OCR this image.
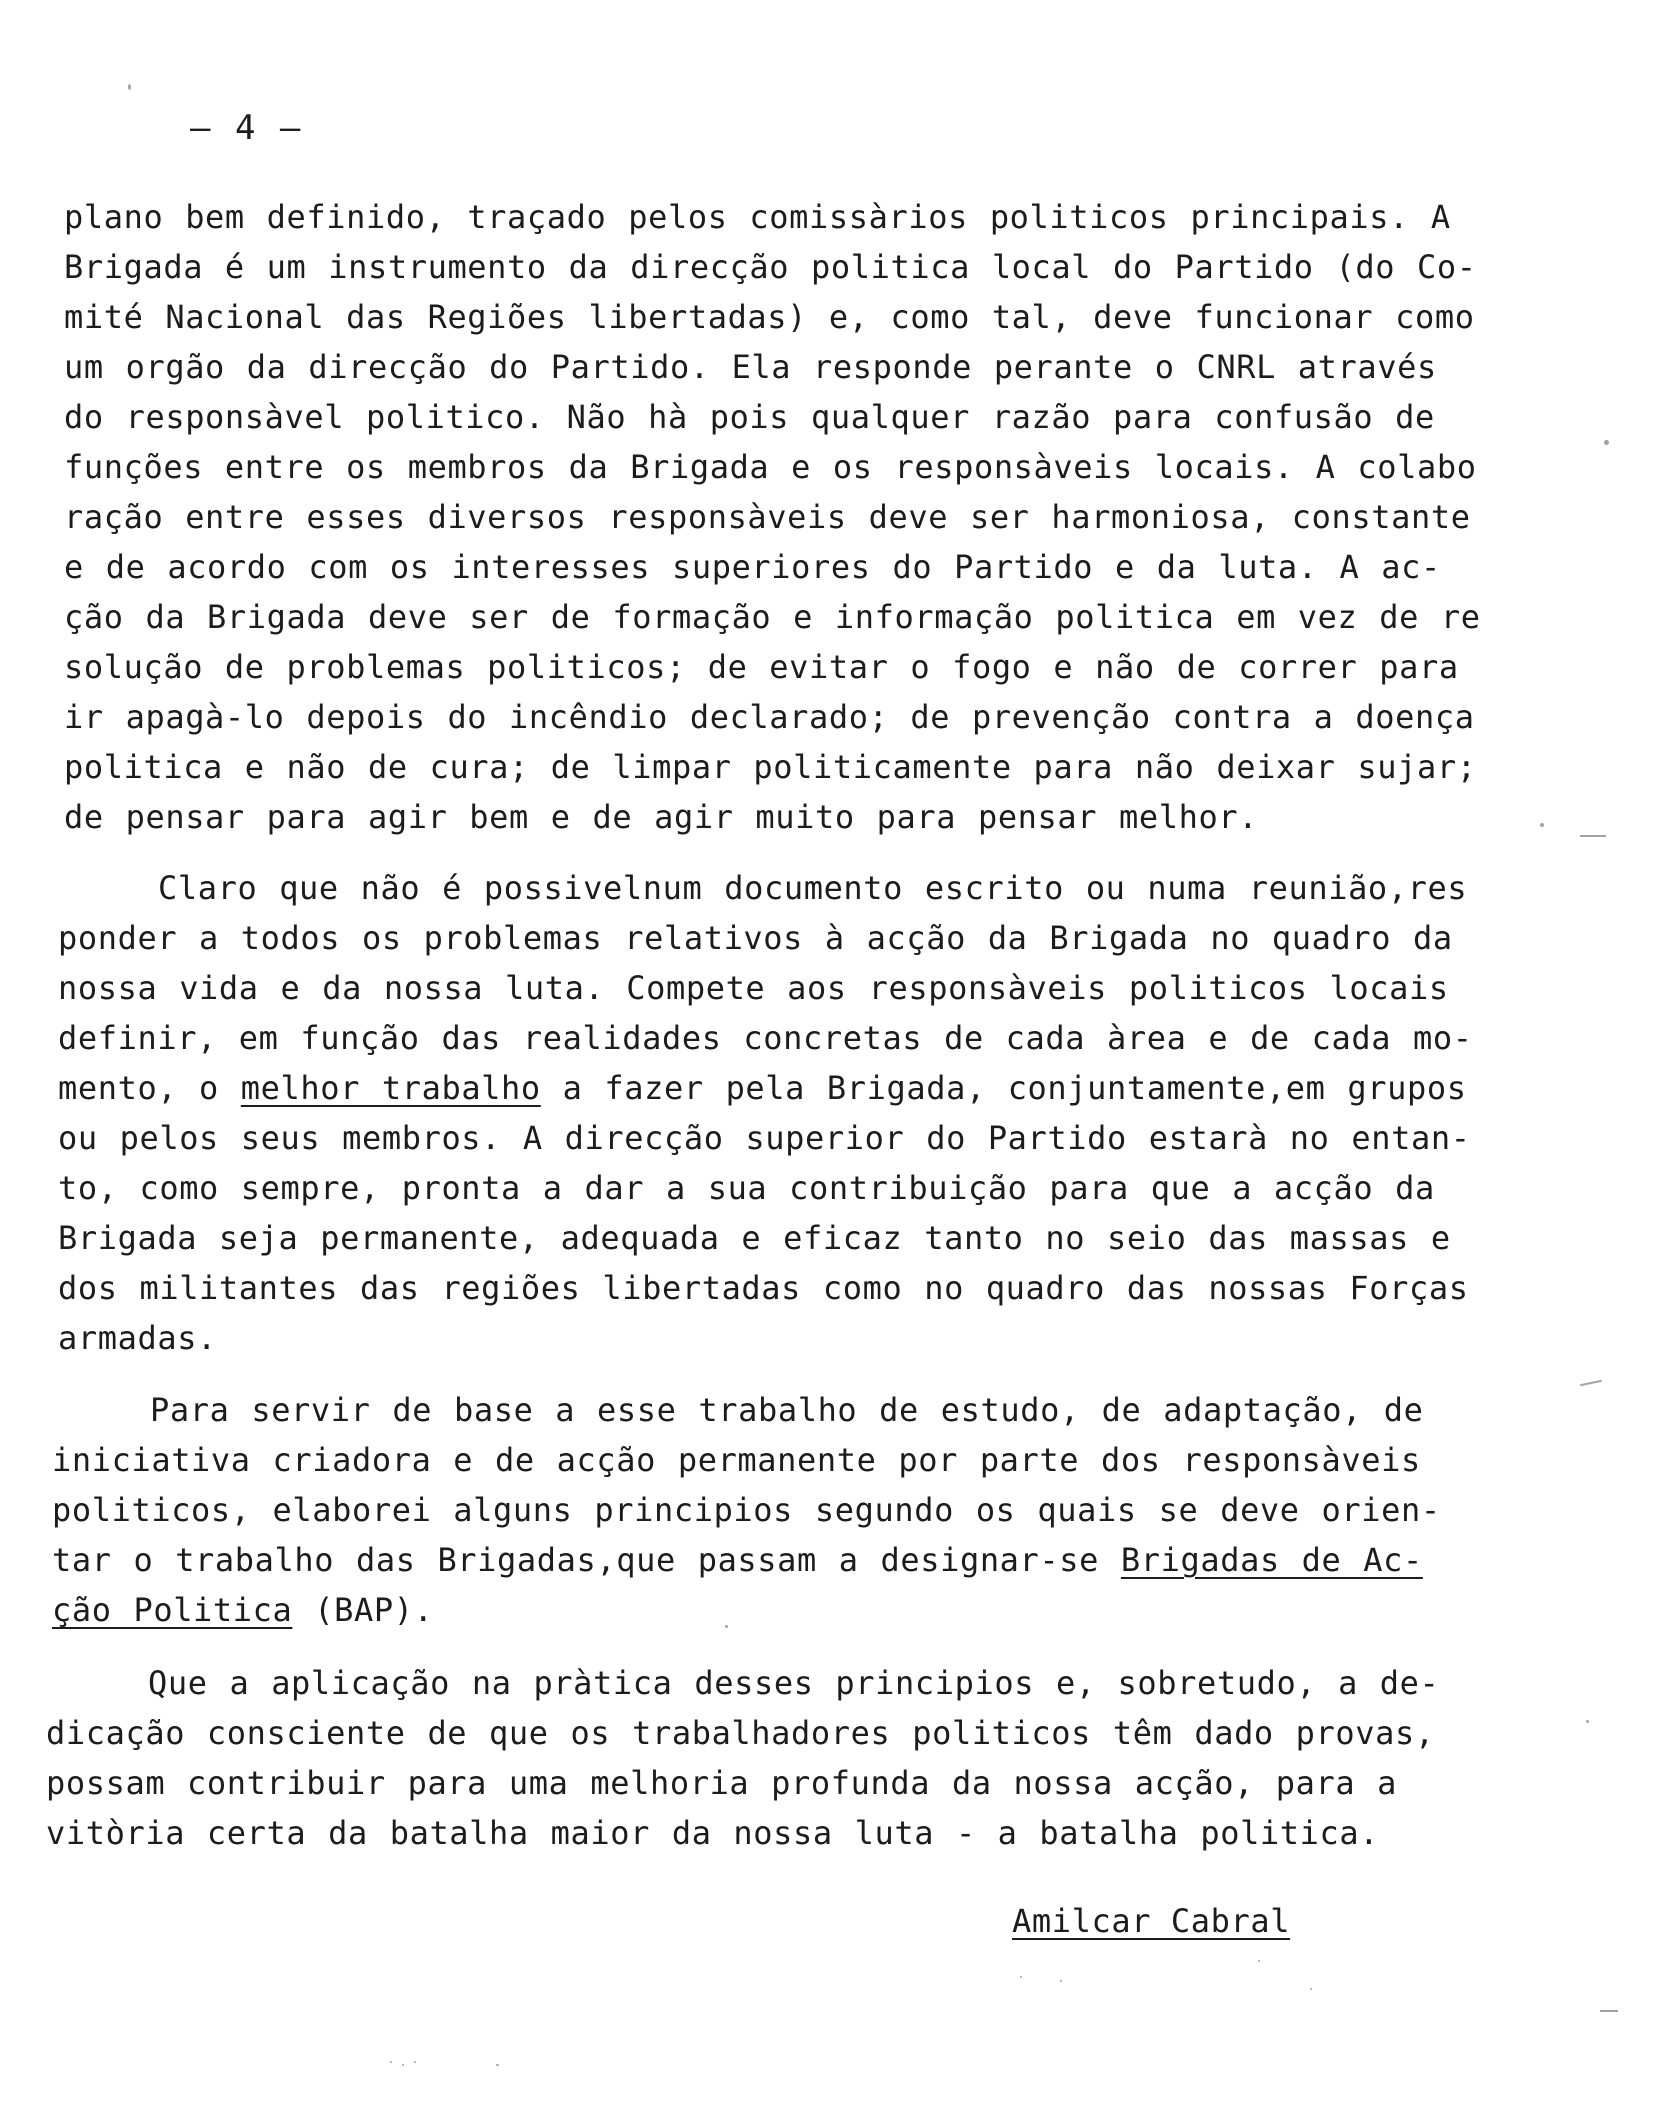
– 4 –
plano bem definido, traçado pelos comissàrios politicos principais. A
Brigada é um instrumento da direcção politica local do Partido (do Co-
mité Nacional das Regiões libertadas) e, como tal, deve funcionar como
um orgão da direcção do Partido. Ela responde perante o CNRL através
do responsàvel politico. Não hà pois qualquer razão para confusão de
funções entre os membros da Brigada e os responsàveis locais. A colabo
ração entre esses diversos responsàveis deve ser harmoniosa, constante
e de acordo com os interesses superiores do Partido e da luta. A ac-
ção da Brigada deve ser de formação e informação politica em vez de re
solução de problemas politicos; de evitar o fogo e não de correr para
ir apagà-lo depois do incêndio declarado; de prevenção contra a doença
politica e não de cura; de limpar politicamente para não deixar sujar;
de pensar para agir bem e de agir muito para pensar melhor.
Claro que não é possivelnum documento escrito ou numa reunião,res
ponder a todos os problemas relativos à acção da Brigada no quadro da
nossa vida e da nossa luta. Compete aos responsàveis politicos locais
definir, em função das realidades concretas de cada àrea e de cada mo-
mento, o melhor trabalho a fazer pela Brigada, conjuntamente,em grupos
ou pelos seus membros. A direcção superior do Partido estarà no entan-
to, como sempre, pronta a dar a sua contribuição para que a acção da
Brigada seja permanente, adequada e eficaz tanto no seio das massas e
dos militantes das regiões libertadas como no quadro das nossas Forças
armadas.
Para servir de base a esse trabalho de estudo, de adaptação, de
iniciativa criadora e de acção permanente por parte dos responsàveis
politicos, elaborei alguns principios segundo os quais se deve orien-
tar o trabalho das Brigadas,que passam a designar-se Brigadas de Ac-
ção Politica (BAP).
Que a aplicação na pràtica desses principios e, sobretudo, a de-
dicação consciente de que os trabalhadores politicos têm dado provas,
possam contribuir para uma melhoria profunda da nossa acção, para a
vitòria certa da batalha maior da nossa luta - a batalha politica.
Amilcar Cabral
